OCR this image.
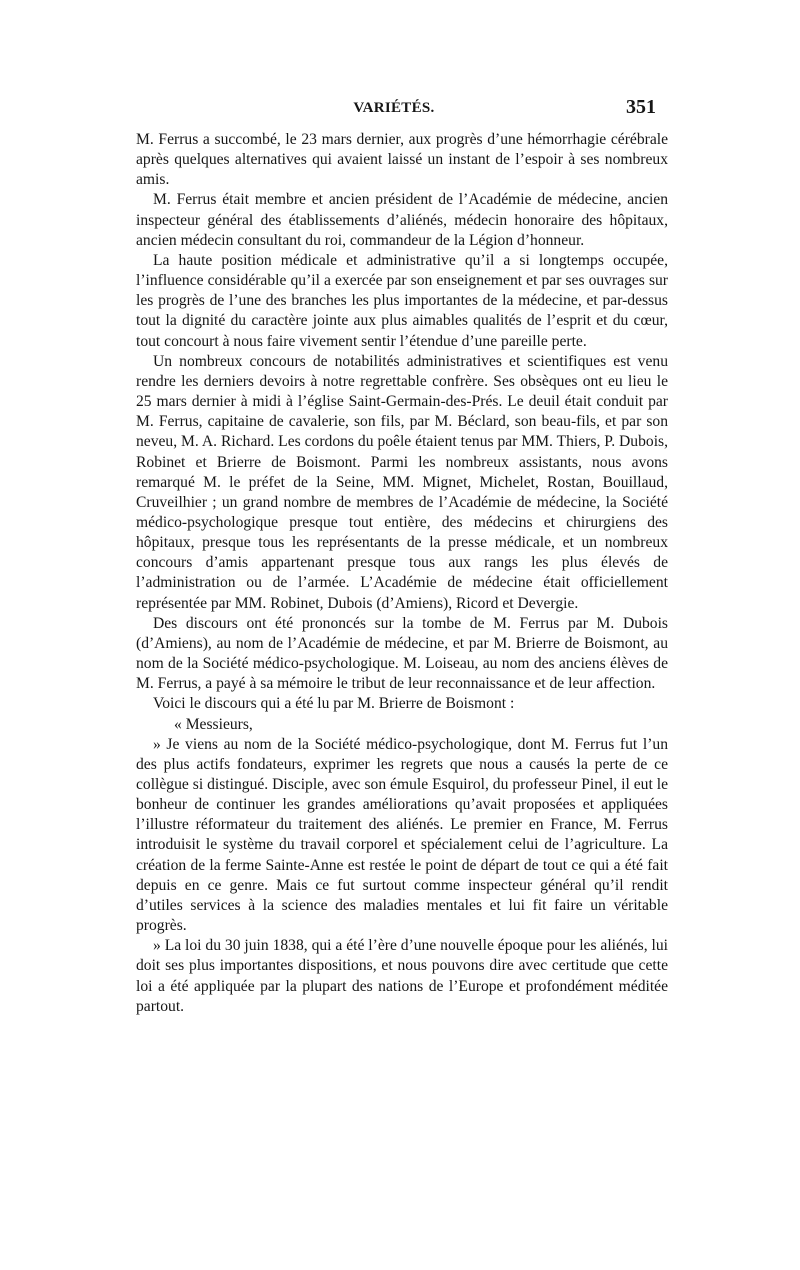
VARIÉTÉS.	351

M. Ferrus a succombé, le 23 mars dernier, aux progrès d’une hémorrhagie cérébrale après quelques alternatives qui avaient laissé un instant de l’espoir à ses nombreux amis.

M. Ferrus était membre et ancien président de l’Académie de médecine, ancien inspecteur général des établissements d’aliénés, médecin honoraire des hôpitaux, ancien médecin consultant du roi, commandeur de la Légion d’honneur.

La haute position médicale et administrative qu’il a si longtemps occupée, l’influence considérable qu’il a exercée par son enseignement et par ses ouvrages sur les progrès de l’une des branches les plus importantes de la médecine, et par-dessus tout la dignité du caractère jointe aux plus aimables qualités de l’esprit et du cœur, tout concourt à nous faire vivement sentir l’étendue d’une pareille perte.

Un nombreux concours de notabilités administratives et scientifiques est venu rendre les derniers devoirs à notre regrettable confrère. Ses obsèques ont eu lieu le 25 mars dernier à midi à l’église Saint-Germain-des-Prés. Le deuil était conduit par M. Ferrus, capitaine de cavalerie, son fils, par M. Béclard, son beau-fils, et par son neveu, M. A. Richard. Les cordons du poêle étaient tenus par MM. Thiers, P. Dubois, Robinet et Brierre de Boismont. Parmi les nombreux assistants, nous avons remarqué M. le préfet de la Seine, MM. Mignet, Michelet, Rostan, Bouillaud, Cruveilhier ; un grand nombre de membres de l’Académie de médecine, la Société médico-psychologique presque tout entière, des médecins et chirurgiens des hôpitaux, presque tous les représentants de la presse médicale, et un nombreux concours d’amis appartenant presque tous aux rangs les plus élevés de l’administration ou de l’armée. L’Académie de médecine était officiellement représentée par MM. Robinet, Dubois (d’Amiens), Ricord et Devergie.

Des discours ont été prononcés sur la tombe de M. Ferrus par M. Dubois (d’Amiens), au nom de l’Académie de médecine, et par M. Brierre de Boismont, au nom de la Société médico-psychologique. M. Loiseau, au nom des anciens élèves de M. Ferrus, a payé à sa mémoire le tribut de leur reconnaissance et de leur affection.

Voici le discours qui a été lu par M. Brierre de Boismont :

« Messieurs,

» Je viens au nom de la Société médico-psychologique, dont M. Ferrus fut l’un des plus actifs fondateurs, exprimer les regrets que nous a causés la perte de ce collègue si distingué. Disciple, avec son émule Esquirol, du professeur Pinel, il eut le bonheur de continuer les grandes améliorations qu’avait proposées et appliquées l’illustre réformateur du traitement des aliénés. Le premier en France, M. Ferrus introduisit le système du travail corporel et spécialement celui de l’agriculture. La création de la ferme Sainte-Anne est restée le point de départ de tout ce qui a été fait depuis en ce genre. Mais ce fut surtout comme inspecteur général qu’il rendit d’utiles services à la science des maladies mentales et lui fit faire un véritable progrès.

» La loi du 30 juin 1838, qui a été l’ère d’une nouvelle époque pour les aliénés, lui doit ses plus importantes dispositions, et nous pouvons dire avec certitude que cette loi a été appliquée par la plupart des nations de l’Europe et profondément méditée partout.
